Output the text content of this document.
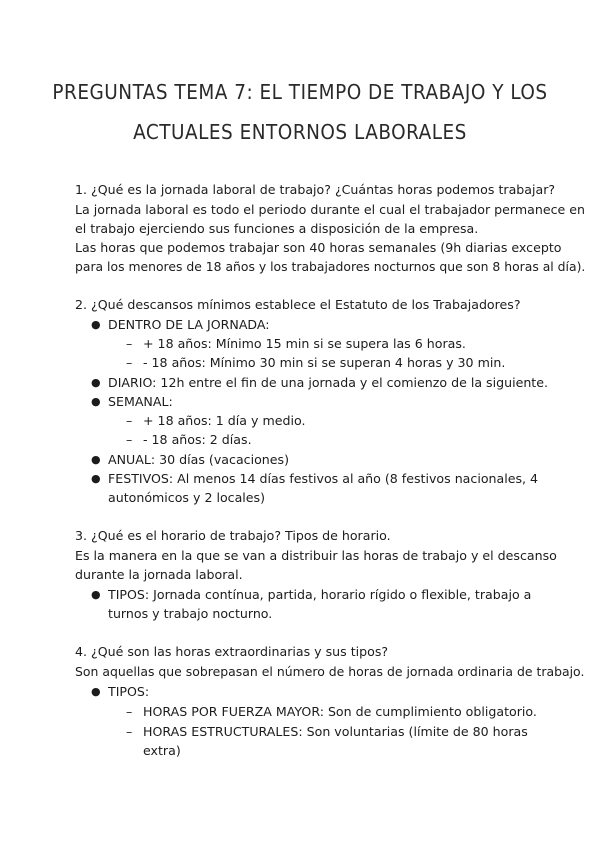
PREGUNTAS TEMA 7: EL TIEMPO DE TRABAJO Y LOS
ACTUALES ENTORNOS LABORALES
1. ¿Qué es la jornada laboral de trabajo? ¿Cuántas horas podemos trabajar?
La jornada laboral es todo el periodo durante el cual el trabajador permanece en
el trabajo ejerciendo sus funciones a disposición de la empresa.
Las horas que podemos trabajar son 40 horas semanales (9h diarias excepto
para los menores de 18 años y los trabajadores nocturnos que son 8 horas al día).
2. ¿Qué descansos mínimos establece el Estatuto de los Trabajadores?
● DENTRO DE LA JORNADA:
– + 18 años: Mínimo 15 min si se supera las 6 horas.
– - 18 años: Mínimo 30 min si se superan 4 horas y 30 min.
● DIARIO: 12h entre el fin de una jornada y el comienzo de la siguiente.
● SEMANAL:
– + 18 años: 1 día y medio.
– - 18 años: 2 días.
● ANUAL: 30 días (vacaciones)
● FESTIVOS: Al menos 14 días festivos al año (8 festivos nacionales, 4
autonómicos y 2 locales)
3. ¿Qué es el horario de trabajo? Tipos de horario.
Es la manera en la que se van a distribuir las horas de trabajo y el descanso
durante la jornada laboral.
● TIPOS: Jornada contínua, partida, horario rígido o flexible, trabajo a
turnos y trabajo nocturno.
4. ¿Qué son las horas extraordinarias y sus tipos?
Son aquellas que sobrepasan el número de horas de jornada ordinaria de trabajo.
● TIPOS:
– HORAS POR FUERZA MAYOR: Son de cumplimiento obligatorio.
– HORAS ESTRUCTURALES: Son voluntarias (límite de 80 horas
extra)
